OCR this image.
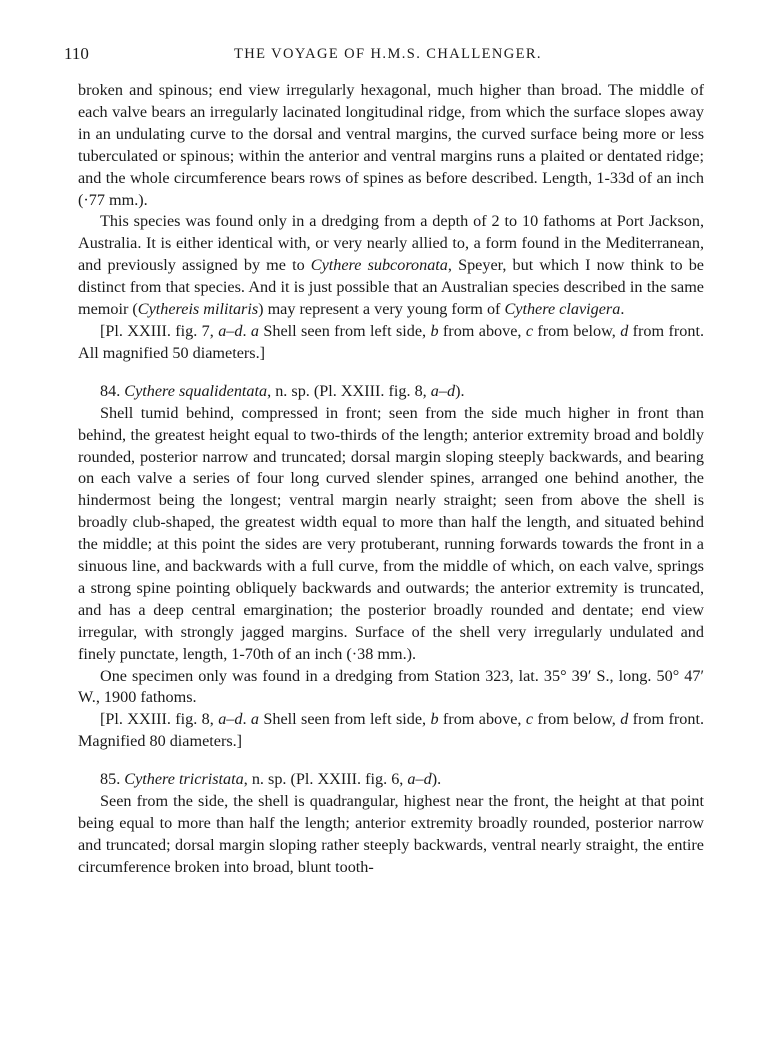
110	THE VOYAGE OF H.M.S. CHALLENGER.

broken and spinous; end view irregularly hexagonal, much higher than broad. The middle of each valve bears an irregularly lacinated longitudinal ridge, from which the surface slopes away in an undulating curve to the dorsal and ventral margins, the curved surface being more or less tuberculated or spinous; within the anterior and ventral margins runs a plaited or dentated ridge; and the whole circumference bears rows of spines as before described. Length, 1-33d of an inch (·77 mm.).

This species was found only in a dredging from a depth of 2 to 10 fathoms at Port Jackson, Australia. It is either identical with, or very nearly allied to, a form found in the Mediterranean, and previously assigned by me to Cythere subcoronata, Speyer, but which I now think to be distinct from that species. And it is just possible that an Australian species described in the same memoir (Cythereis militaris) may represent a very young form of Cythere clavigera.

[Pl. XXIII. fig. 7, a–d. a Shell seen from left side, b from above, c from below, d from front. All magnified 50 diameters.]

84. Cythere squalidentata, n. sp. (Pl. XXIII. fig. 8, a–d).

Shell tumid behind, compressed in front; seen from the side much higher in front than behind, the greatest height equal to two-thirds of the length; anterior extremity broad and boldly rounded, posterior narrow and truncated; dorsal margin sloping steeply backwards, and bearing on each valve a series of four long curved slender spines, arranged one behind another, the hindermost being the longest; ventral margin nearly straight; seen from above the shell is broadly club-shaped, the greatest width equal to more than half the length, and situated behind the middle; at this point the sides are very protuberant, running forwards towards the front in a sinuous line, and backwards with a full curve, from the middle of which, on each valve, springs a strong spine pointing obliquely backwards and outwards; the anterior extremity is truncated, and has a deep central emargination; the posterior broadly rounded and dentate; end view irregular, with strongly jagged margins. Surface of the shell very irregularly undulated and finely punctate, length, 1-70th of an inch (·38 mm.).

One specimen only was found in a dredging from Station 323, lat. 35° 39′ S., long. 50° 47′ W., 1900 fathoms.

[Pl. XXIII. fig. 8, a–d. a Shell seen from left side, b from above, c from below, d from front. Magnified 80 diameters.]

85. Cythere tricristata, n. sp. (Pl. XXIII. fig. 6, a–d).

Seen from the side, the shell is quadrangular, highest near the front, the height at that point being equal to more than half the length; anterior extremity broadly rounded, posterior narrow and truncated; dorsal margin sloping rather steeply backwards, ventral nearly straight, the entire circumference broken into broad, blunt tooth-
